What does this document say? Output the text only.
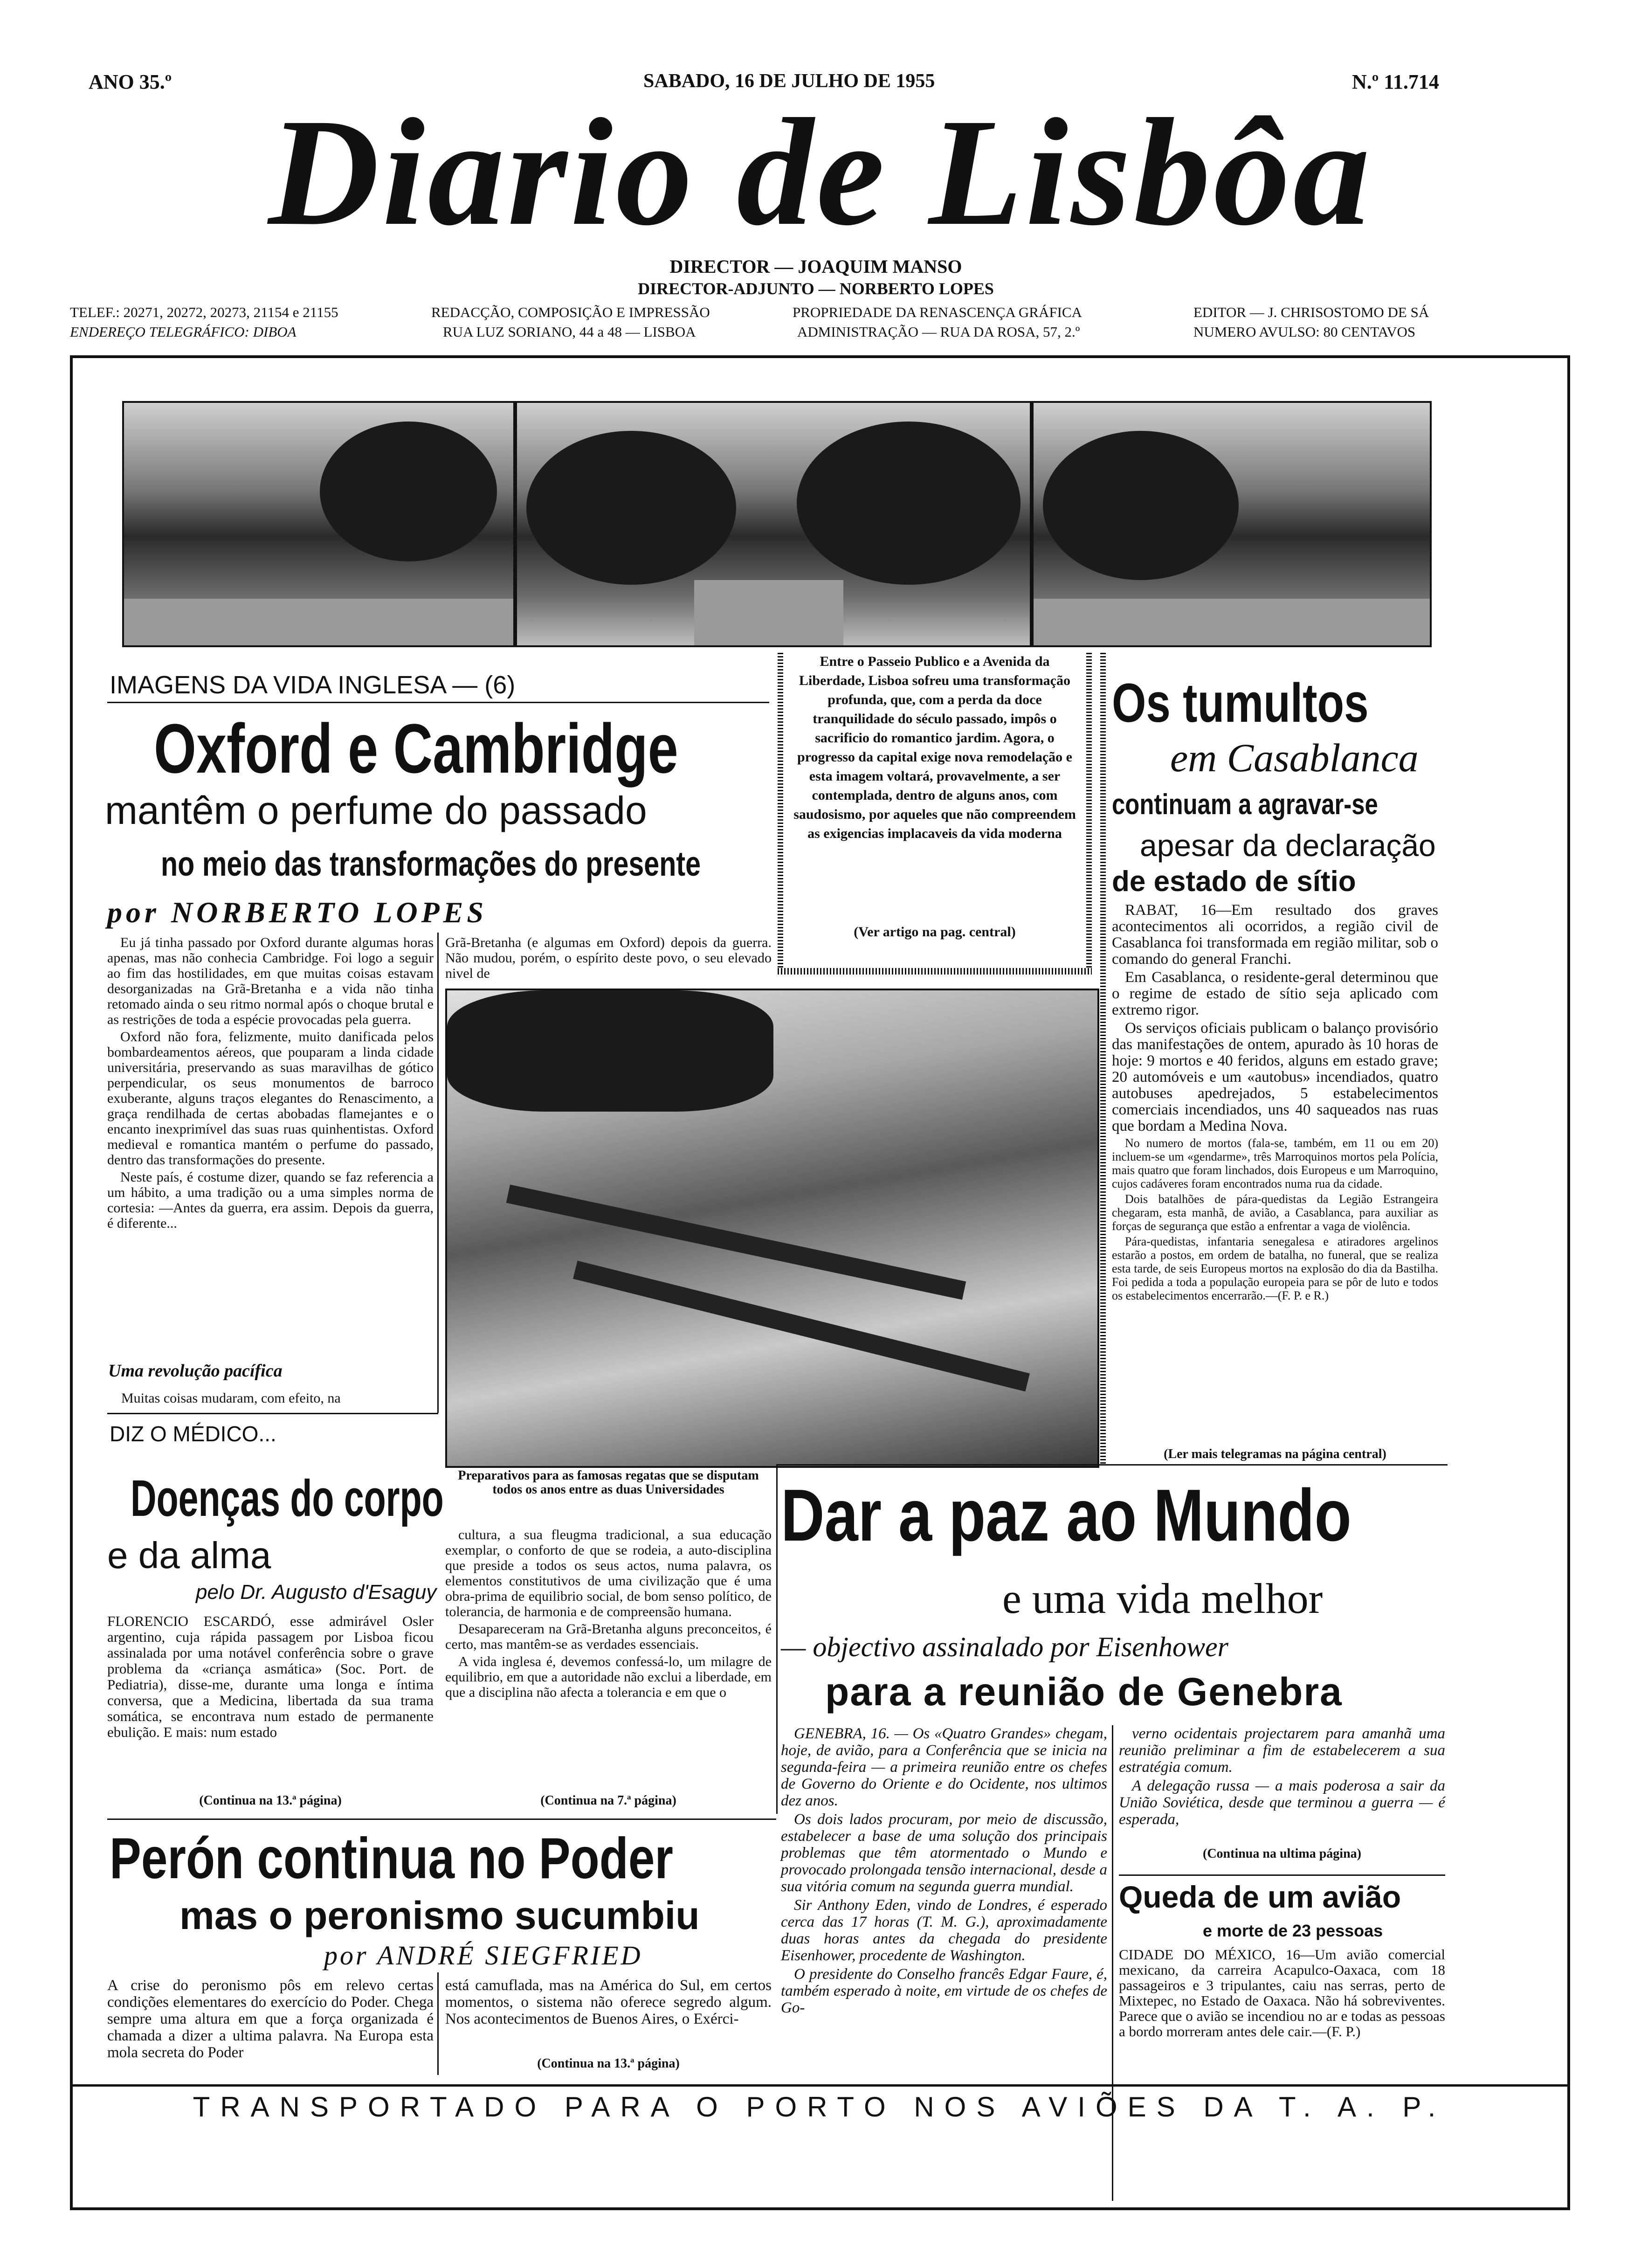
ANO 35.º	SABADO, 16 DE JULHO DE 1955	N.º 11.714
Diario de Lisbôa
DIRECTOR — JOAQUIM MANSO
DIRECTOR-ADJUNTO — NORBERTO LOPES
TELEF.: 20271, 20272, 20273, 21154 e 21155
ENDEREÇO TELEGRÁFICO: DIBOA
REDACÇÃO, COMPOSIÇÃO E IMPRESSÃO
RUA LUZ SORIANO, 44 a 48 — LISBOA
PROPRIEDADE DA RENASCENÇA GRÁFICA
ADMINISTRAÇÃO — RUA DA ROSA, 57, 2.º
EDITOR — J. CHRISOSTOMO DE SÁ
NUMERO AVULSO: 80 CENTAVOS
Entre o Passeio Publico e a Avenida da Liberdade, Lisboa sofreu uma transformação profunda, que, com a perda da doce tranquilidade do século passado, impôs o sacrificio do romantico jardim. Agora, o progresso da capital exige nova remodelação e esta imagem voltará, provavelmente, a ser contemplada, dentro de alguns anos, com saudosismo, por aqueles que não compreendem as exigencias implacaveis da vida moderna
(Ver artigo na pag. central)
IMAGENS DA VIDA INGLESA — (6)
Oxford e Cambridge
mantêm o perfume do passado
no meio das transformações do presente
por NORBERTO LOPES

Eu já tinha passado por Oxford durante algumas horas apenas, mas não conhecia Cambridge. Foi logo a seguir ao fim das hostilidades, em que muitas coisas estavam desorganizadas na Grã-Bretanha e a vida não tinha retomado ainda o seu ritmo normal após o choque brutal e as restrições de toda a espécie provocadas pela guerra.

Oxford não fora, felizmente, muito danificada pelos bombardeamentos aéreos, que pouparam a linda cidade universitária, preservando as suas maravilhas de gótico perpendicular, os seus monumentos de barroco exuberante, alguns traços elegantes do Renascimento, a graça rendilhada de certas abobadas flamejantes e o encanto inexprimível das suas ruas quinhentistas. Oxford medieval e romantica mantém o perfume do passado, dentro das transformações do presente.

Neste país, é costume dizer, quando se faz referencia a um hábito, a uma tradição ou a uma simples norma de cortesia: —Antes da guerra, era assim. Depois da guerra, é diferente...

Uma revolução pacífica
Muitas coisas mudaram, com efeito, na
Grã-Bretanha (e algumas em Oxford) depois da guerra. Não mudou, porém, o espírito deste povo, o seu elevado nivel de
Preparativos para as famosas regatas que se disputam todos os anos entre as duas Universidades

cultura, a sua fleugma tradicional, a sua educação exemplar, o conforto de que se rodeia, a auto-disciplina que preside a todos os seus actos, numa palavra, os elementos constitutivos de uma civilização que é uma obra-prima de equilibrio social, de bom senso político, de tolerancia, de harmonia e de compreensão humana.

Desapareceram na Grã-Bretanha alguns preconceitos, é certo, mas mantêm-se as verdades essenciais.

A vida inglesa é, devemos confessá-lo, um milagre de equilibrio, em que a autoridade não exclui a liberdade, em que a disciplina não afecta a tolerancia e em que o

(Continua na 7.ª página)
Os tumultos
em Casablanca
continuam a agravar-se
apesar da declaração
de estado de sítio

RABAT, 16—Em resultado dos graves acontecimentos ali ocorridos, a região civil de Casablanca foi transformada em região militar, sob o comando do general Franchi.

Em Casablanca, o residente-geral determinou que o regime de estado de sítio seja aplicado com extremo rigor.

Os serviços oficiais publicam o balanço provisório das manifestações de ontem, apurado às 10 horas de hoje: 9 mortos e 40 feridos, alguns em estado grave; 20 automóveis e um «autobus» incendiados, quatro autobuses apedrejados, 5 estabelecimentos comerciais incendiados, uns 40 saqueados nas ruas que bordam a Medina Nova.

No numero de mortos (fala-se, também, em 11 ou em 20) incluem-se um «gendarme», três Marroquinos mortos pela Polícia, mais quatro que foram linchados, dois Europeus e um Marroquino, cujos cadáveres foram encontrados numa rua da cidade.

Dois batalhões de pára-quedistas da Legião Estrangeira chegaram, esta manhã, de avião, a Casablanca, para auxiliar as forças de segurança que estão a enfrentar a vaga de violência.

Pára-quedistas, infantaria senegalesa e atiradores argelinos estarão a postos, em ordem de batalha, no funeral, que se realiza esta tarde, de seis Europeus mortos na explosão do dia da Bastilha. Foi pedida a toda a população europeia para se pôr de luto e todos os estabelecimentos encerrarão.—(F. P. e R.)

(Ler mais telegramas na página central)
DIZ O MÉDICO...
Doenças do corpo
e da alma
pelo Dr. Augusto d'Esaguy
FLORENCIO ESCARDÓ, esse admirável Osler argentino, cuja rápida passagem por Lisboa ficou assinalada por uma notável conferência sobre o grave problema da «criança asmática» (Soc. Port. de Pediatria), disse-me, durante uma longa e íntima conversa, que a Medicina, libertada da sua trama somática, se encontrava num estado de permanente ebulição. E mais: num estado
(Continua na 13.ª página)
Dar a paz ao Mundo
e uma vida melhor
— objectivo assinalado por Eisenhower
para a reunião de Genebra

GENEBRA, 16. — Os «Quatro Grandes» chegam, hoje, de avião, para a Conferência que se inicia na segunda-feira — a primeira reunião entre os chefes de Governo do Oriente e do Ocidente, nos ultimos dez anos.

Os dois lados procuram, por meio de discussão, estabelecer a base de uma solução dos principais problemas que têm atormentado o Mundo e provocado prolongada tensão internacional, desde a sua vitória comum na segunda guerra mundial.

Sir Anthony Eden, vindo de Londres, é esperado cerca das 17 horas (T. M. G.), aproximadamente duas horas antes da chegada do presidente Eisenhower, procedente de Washington.

O presidente do Conselho francês Edgar Faure, é, também esperado à noite, em virtude de os chefes de Go-

verno ocidentais projectarem para amanhã uma reunião preliminar a fim de estabelecerem a sua estratégia comum.

A delegação russa — a mais poderosa a sair da União Soviética, desde que terminou a guerra — é esperada,

(Continua na ultima página)
Queda de um avião
e morte de 23 pessoas
CIDADE DO MÉXICO, 16—Um avião comercial mexicano, da carreira Acapulco-Oaxaca, com 18 passageiros e 3 tripulantes, caiu nas serras, perto de Mixtepec, no Estado de Oaxaca. Não há sobreviventes. Parece que o avião se incendiou no ar e todas as pessoas a bordo morreram antes dele cair.—(F. P.)
Perón continua no Poder
mas o peronismo sucumbiu
por ANDRÉ SIEGFRIED
A crise do peronismo pôs em relevo certas condições elementares do exercício do Poder. Chega sempre uma altura em que a força organizada é chamada a dizer a ultima palavra. Na Europa esta mola secreta do Poder
está camuflada, mas na América do Sul, em certos momentos, o sistema não oferece segredo algum. Nos acontecimentos de Buenos Aires, o Exérci-
(Continua na 13.ª página)
TRANSPORTADO PARA O PORTO NOS AVIÕES DA T. A. P.
